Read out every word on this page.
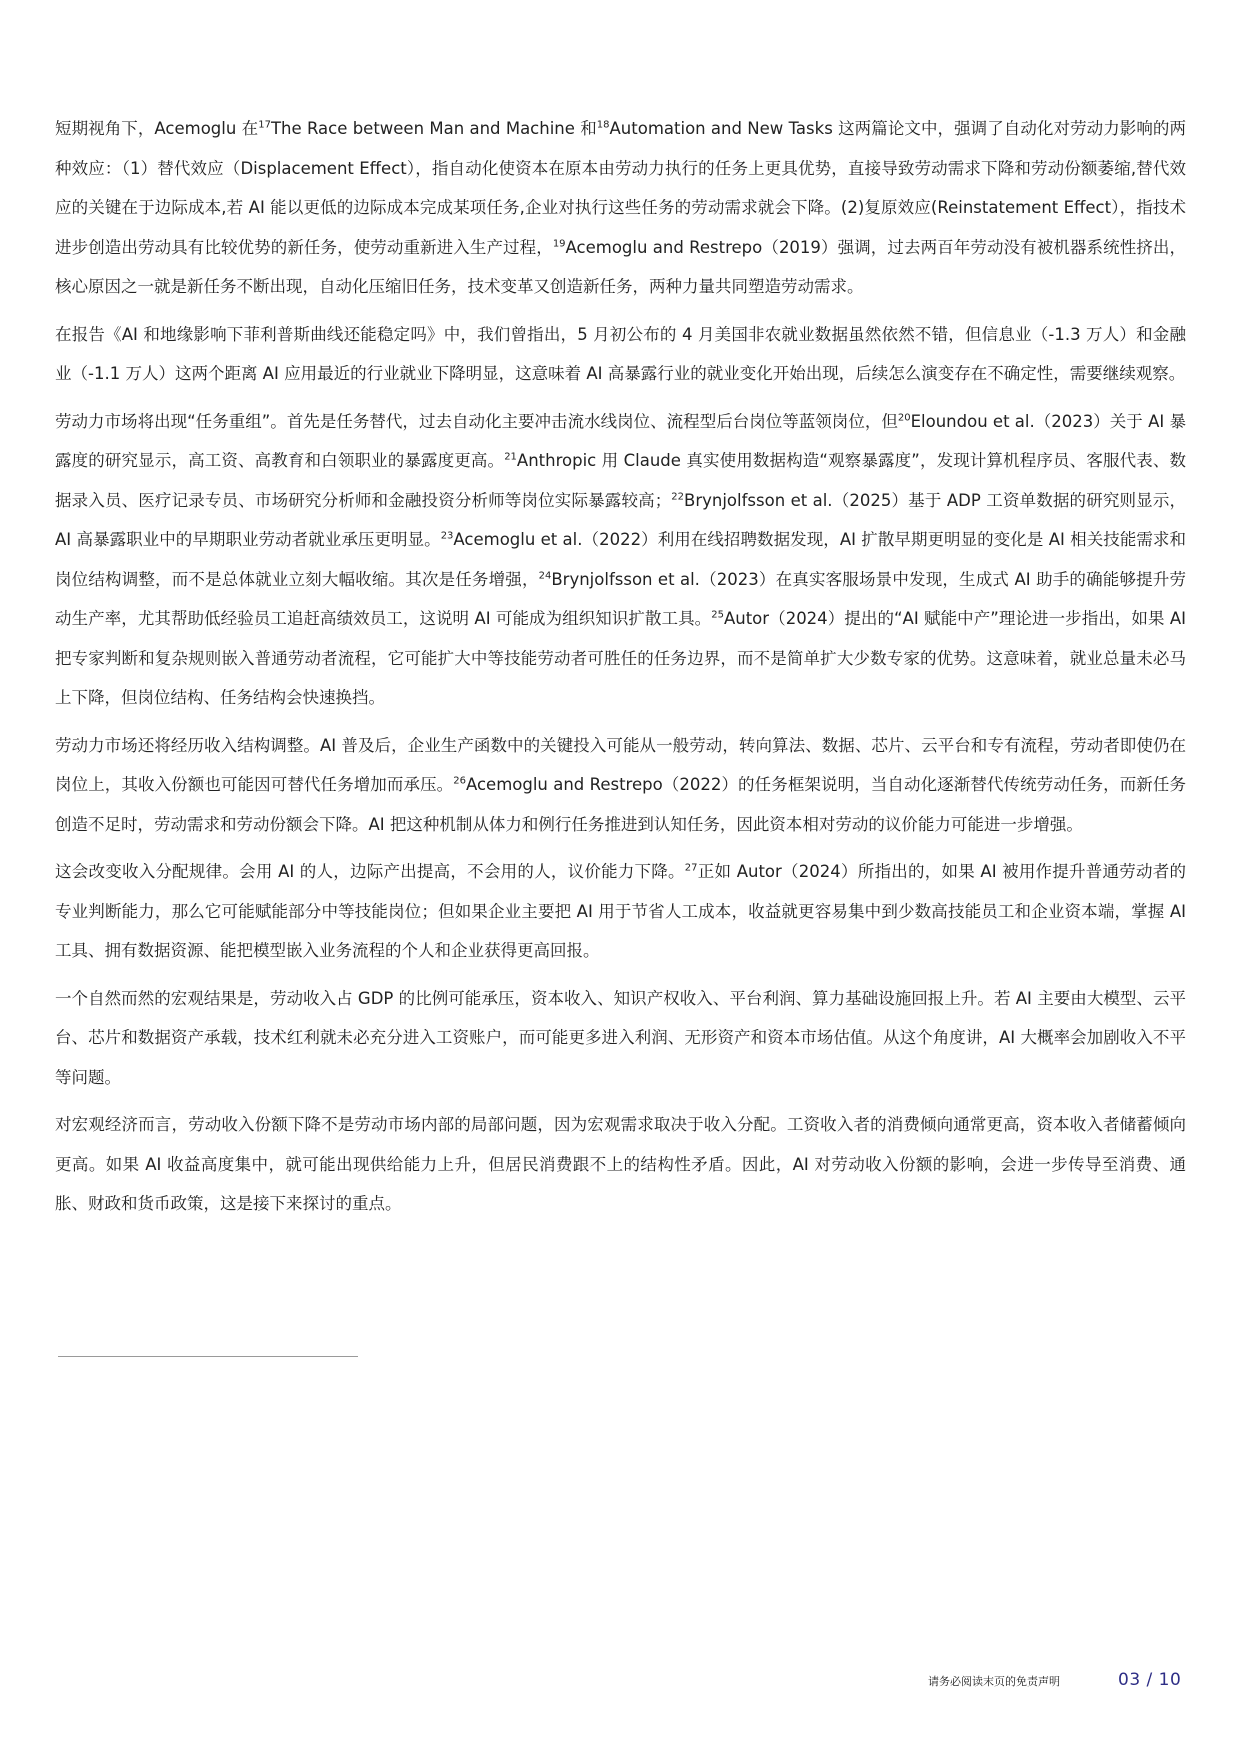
短期视角下，Acemoglu 在$^{17}$The Race between Man and Machine 和$^{18}$Automation and New Tasks 这两篇论文中，强调了自动化对劳动力影响的两种效应：（1）替代效应（Displacement Effect），指自动化使资本在原本由劳动力执行的任务上更具优势，直接导致劳动需求下降和劳动份额萎缩,替代效应的关键在于边际成本,若 AI 能以更低的边际成本完成某项任务,企业对执行这些任务的劳动需求就会下降。(2)复原效应(Reinstatement Effect），指技术进步创造出劳动具有比较优势的新任务，使劳动重新进入生产过程，$^{19}$Acemoglu and Restrepo（2019）强调，过去两百年劳动没有被机器系统性挤出，核心原因之一就是新任务不断出现，自动化压缩旧任务，技术变革又创造新任务，两种力量共同塑造劳动需求。

在报告《AI 和地缘影响下菲利普斯曲线还能稳定吗》中，我们曾指出，5 月初公布的 4 月美国非农就业数据虽然依然不错，但信息业（-1.3 万人）和金融业（-1.1 万人）这两个距离 AI 应用最近的行业就业下降明显，这意味着 AI 高暴露行业的就业变化开始出现，后续怎么演变存在不确定性，需要继续观察。

劳动力市场将出现“任务重组”。首先是任务替代，过去自动化主要冲击流水线岗位、流程型后台岗位等蓝领岗位，但$^{20}$Eloundou et al.（2023）关于 AI 暴露度的研究显示，高工资、高教育和白领职业的暴露度更高。$^{21}$Anthropic 用 Claude 真实使用数据构造“观察暴露度”，发现计算机程序员、客服代表、数据录入员、医疗记录专员、市场研究分析师和金融投资分析师等岗位实际暴露较高；$^{22}$Brynjolfsson et al.（2025）基于 ADP 工资单数据的研究则显示，AI 高暴露职业中的早期职业劳动者就业承压更明显。$^{23}$Acemoglu et al.（2022）利用在线招聘数据发现，AI 扩散早期更明显的变化是 AI 相关技能需求和岗位结构调整，而不是总体就业立刻大幅收缩。其次是任务增强，$^{24}$Brynjolfsson et al.（2023）在真实客服场景中发现，生成式 AI 助手的确能够提升劳动生产率，尤其帮助低经验员工追赶高绩效员工，这说明 AI 可能成为组织知识扩散工具。$^{25}$Autor（2024）提出的“AI 赋能中产”理论进一步指出，如果 AI 把专家判断和复杂规则嵌入普通劳动者流程，它可能扩大中等技能劳动者可胜任的任务边界，而不是简单扩大少数专家的优势。这意味着，就业总量未必马上下降，但岗位结构、任务结构会快速换挡。

劳动力市场还将经历收入结构调整。AI 普及后，企业生产函数中的关键投入可能从一般劳动，转向算法、数据、芯片、云平台和专有流程，劳动者即使仍在岗位上，其收入份额也可能因可替代任务增加而承压。$^{26}$Acemoglu and Restrepo（2022）的任务框架说明，当自动化逐渐替代传统劳动任务，而新任务创造不足时，劳动需求和劳动份额会下降。AI 把这种机制从体力和例行任务推进到认知任务，因此资本相对劳动的议价能力可能进一步增强。

这会改变收入分配规律。会用 AI 的人，边际产出提高，不会用的人，议价能力下降。$^{27}$正如 Autor（2024）所指出的，如果 AI 被用作提升普通劳动者的专业判断能力，那么它可能赋能部分中等技能岗位；但如果企业主要把 AI 用于节省人工成本，收益就更容易集中到少数高技能员工和企业资本端，掌握 AI 工具、拥有数据资源、能把模型嵌入业务流程的个人和企业获得更高回报。

一个自然而然的宏观结果是，劳动收入占 GDP 的比例可能承压，资本收入、知识产权收入、平台利润、算力基础设施回报上升。若 AI 主要由大模型、云平台、芯片和数据资产承载，技术红利就未必充分进入工资账户，而可能更多进入利润、无形资产和资本市场估值。从这个角度讲，AI 大概率会加剧收入不平等问题。

对宏观经济而言，劳动收入份额下降不是劳动市场内部的局部问题，因为宏观需求取决于收入分配。工资收入者的消费倾向通常更高，资本收入者储蓄倾向更高。如果 AI 收益高度集中，就可能出现供给能力上升，但居民消费跟不上的结构性矛盾。因此，AI 对劳动收入份额的影响，会进一步传导至消费、通胀、财政和货币政策，这是接下来探讨的重点。

请务必阅读末页的免责声明	03 / 10
